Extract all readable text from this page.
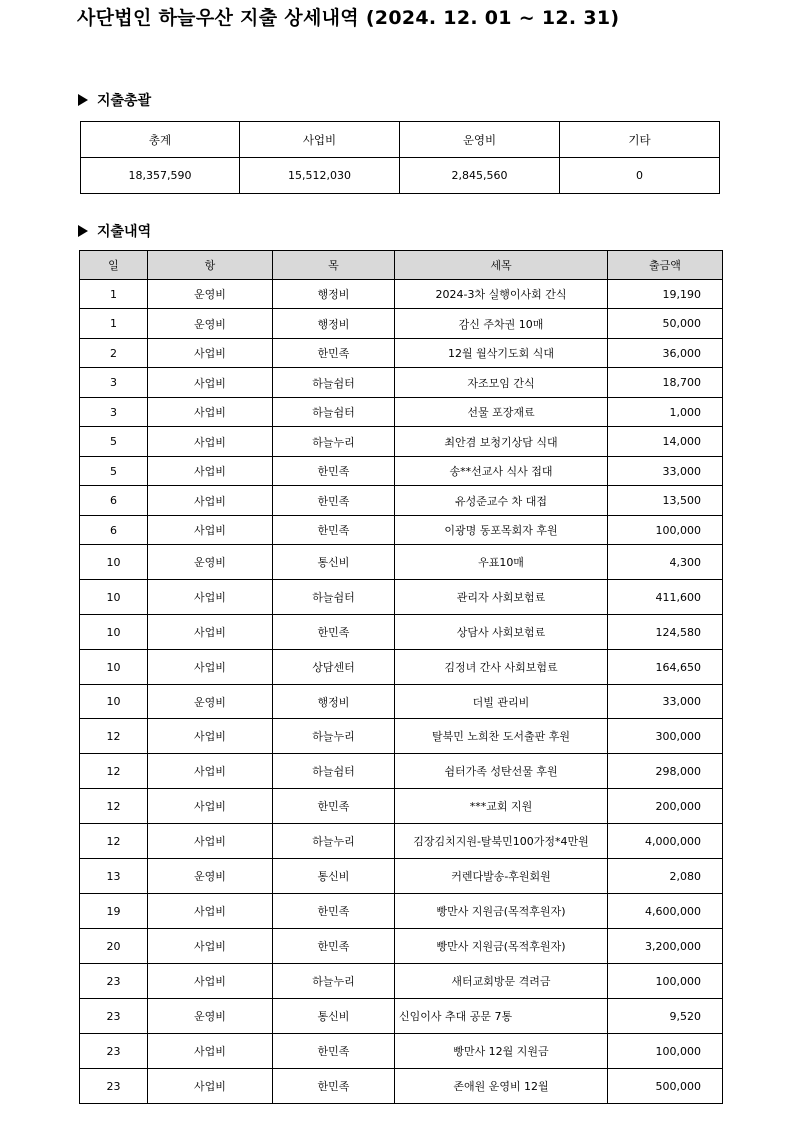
사단법인 하늘우산 지출 상세내역 (2024. 12. 01 ~ 12. 31)
지출총괄
총계	사업비	운영비	기타
18,357,590	15,512,030	2,845,560	0
지출내역
일	항	목	세목	출금액
1	운영비	행정비	2024-3차 실행이사회 간식	19,190
1	운영비	행정비	감신 주차권 10매	50,000
2	사업비	한민족	12월 월삭기도회 식대	36,000
3	사업비	하늘쉼터	자조모임 간식	18,700
3	사업비	하늘쉼터	선물 포장재료	1,000
5	사업비	하늘누리	최안겸 보청기상담 식대	14,000
5	사업비	한민족	송**선교사 식사 접대	33,000
6	사업비	한민족	유성준교수 차 대접	13,500
6	사업비	한민족	이광명 동포목회자 후원	100,000
10	운영비	통신비	우표10매	4,300
10	사업비	하늘쉼터	관리자 사회보험료	411,600
10	사업비	한민족	상담사 사회보험료	124,580
10	사업비	상담센터	김정녀 간사 사회보험료	164,650
10	운영비	행정비	더빌 관리비	33,000
12	사업비	하늘누리	탈북민 노희찬 도서출판 후원	300,000
12	사업비	하늘쉼터	쉼터가족 성탄선물 후원	298,000
12	사업비	한민족	***교회 지원	200,000
12	사업비	하늘누리	김장김치지원-탈북민100가정*4만원	4,000,000
13	운영비	통신비	커렌다발송-후원회원	2,080
19	사업비	한민족	빵만사 지원금(목적후원자)	4,600,000
20	사업비	한민족	빵만사 지원금(목적후원자)	3,200,000
23	사업비	하늘누리	새터교회방문 격려금	100,000
23	운영비	통신비	신임이사 추대 공문 7통	9,520
23	사업비	한민족	빵만사 12월 지원금	100,000
23	사업비	한민족	존애원 운영비 12월	500,000
